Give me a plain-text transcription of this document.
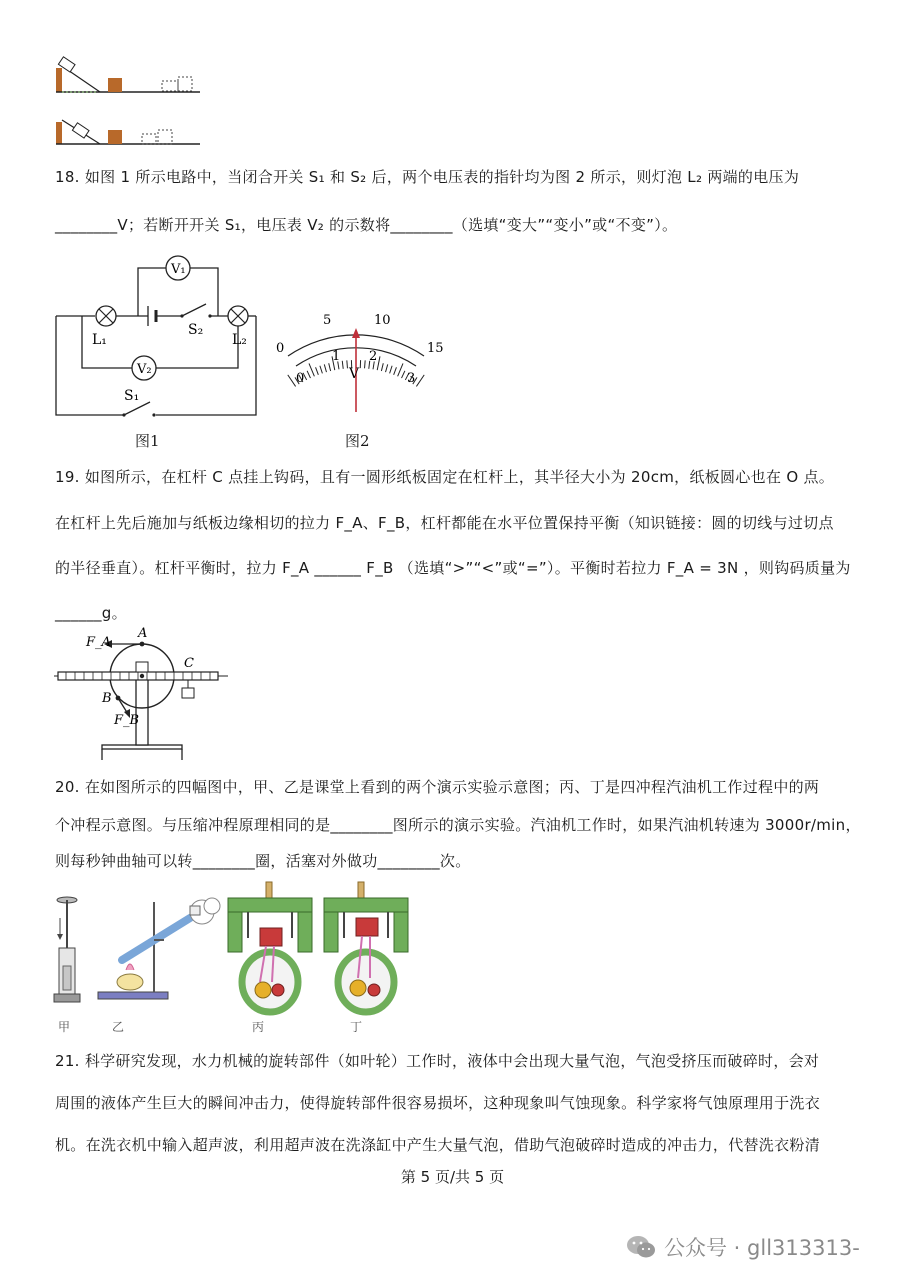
18. 如图 1 所示电路中，当闭合开关 S₁ 和 S₂ 后，两个电压表的指针均为图 2 所示，则灯泡 L₂ 两端的电压为
________V；若断开开关 S₁，电压表 V₂ 的示数将________（选填“变大”“变小”或“不变”）。
V₁
V₂
L₁
S₂
L₂
S₁
图1
0
5	10
15
0
1 2
3
V
图2
19. 如图所示，在杠杆 C 点挂上钩码，且有一圆形纸板固定在杠杆上，其半径大小为 20cm，纸板圆心也在 O 点。
在杠杆上先后施加与纸板边缘相切的拉力 F_A、F_B，杠杆都能在水平位置保持平衡（知识链接：圆的切线与过切点
的半径垂直）。杠杆平衡时，拉力 F_A ______ F_B （选填“>”“<”或“=”）。平衡时若拉力 F_A = 3N ，则钩码质量为
______g。
F_A
A
B
C
F_B
20. 在如图所示的四幅图中，甲、乙是课堂上看到的两个演示实验示意图；丙、丁是四冲程汽油机工作过程中的两
个冲程示意图。与压缩冲程原理相同的是________图所示的演示实验。汽油机工作时，如果汽油机转速为 3000r/min，
则每秒钟曲轴可以转________圈，活塞对外做功________次。
甲	乙	丙	丁
21. 科学研究发现，水力机械的旋转部件（如叶轮）工作时，液体中会出现大量气泡，气泡受挤压而破碎时，会对
周围的液体产生巨大的瞬间冲击力，使得旋转部件很容易损坏，这种现象叫气蚀现象。科学家将气蚀原理用于洗衣
机。在洗衣机中输入超声波，利用超声波在洗涤缸中产生大量气泡，借助气泡破碎时造成的冲击力，代替洗衣粉清
第 5 页/共 5 页
公众号 · gll313313-
